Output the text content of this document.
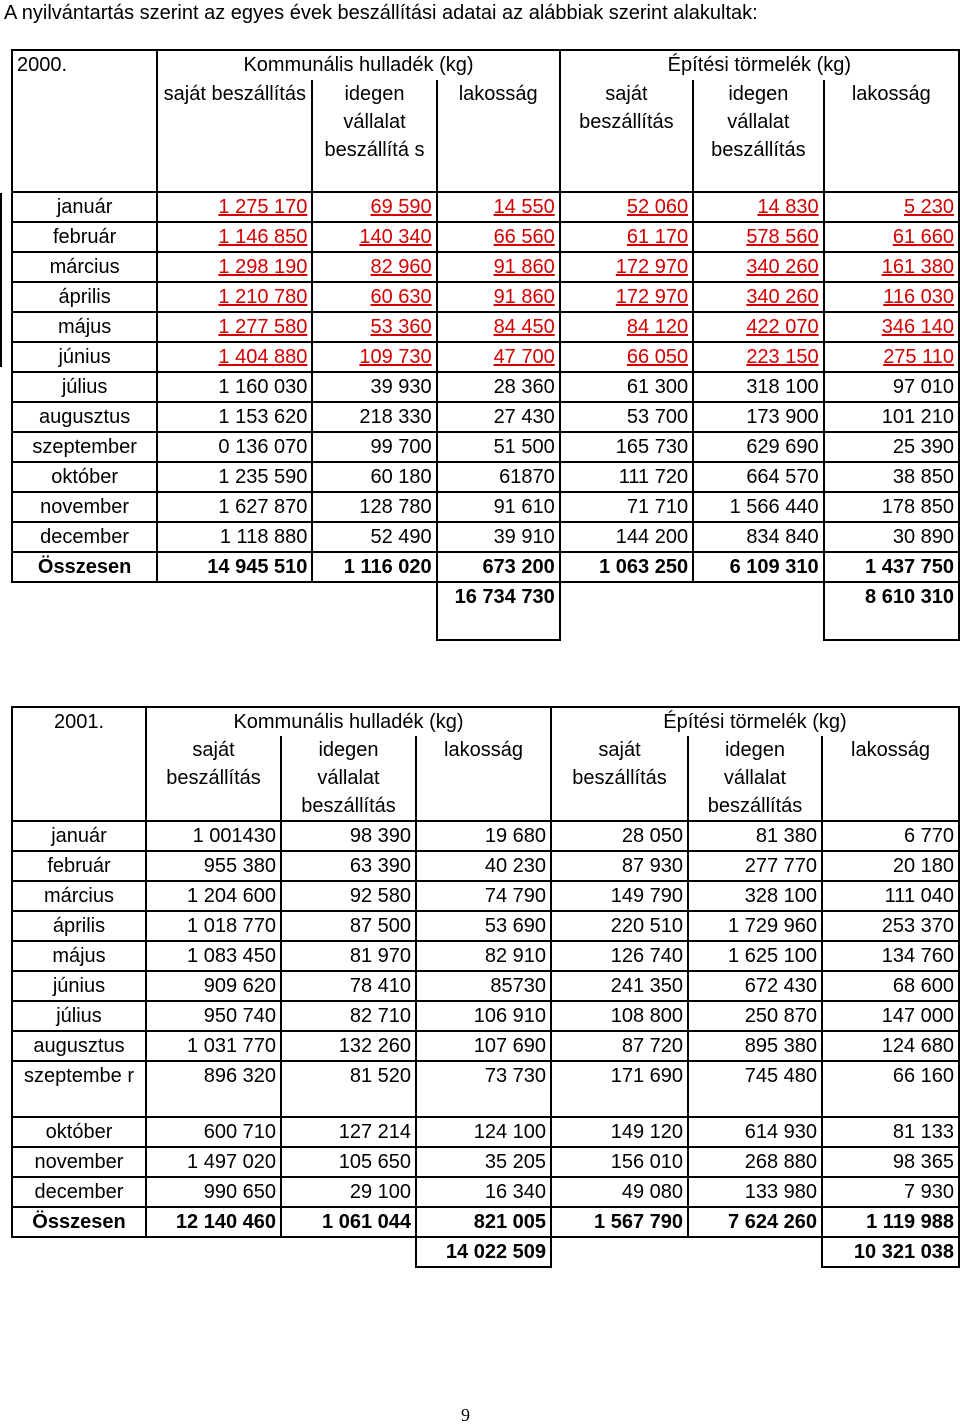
A nyilvántartás szerint az egyes évek beszállítási adatai az alábbiak szerint alakultak:
2000.	Kommunális hulladék (kg)			Építési törmelék (kg)		
	saját beszállítás	idegen vállalat beszállítá s	lakosság	saját beszállítás	idegen vállalat beszállítás	lakosság
január	1 275 170	69 590	14 550	52 060	14 830	5 230
február	1 146 850	140 340	66 560	61 170	578 560	61 660
március	1 298 190	82 960	91 860	172 970	340 260	161 380
április	1 210 780	60 630	91 860	172 970	340 260	116 030
május	1 277 580	53 360	84 450	84 120	422 070	346 140
június	1 404 880	109 730	47 700	66 050	223 150	275 110
július	1 160 030	39 930	28 360	61 300	318 100	97 010
augusztus	1 153 620	218 330	27 430	53 700	173 900	101 210
szeptember	0 136 070	99 700	51 500	165 730	629 690	25 390
október	1 235 590	60 180	61870	111 720	664 570	38 850
november	1 627 870	128 780	91 610	71 710	1 566 440	178 850
december	1 118 880	52 490	39 910	144 200	834 840	30 890
Összesen	14 945 510	1 116 020	673 200	1 063 250	6 109 310	1 437 750
			16 734 730			8 610 310
2001.	Kommunális hulladék (kg)			Építési törmelék (kg)		
	saját beszállítás	idegen vállalat beszállítás	lakosság	saját beszállítás	idegen vállalat beszállítás	lakosság
január	1 001430	98 390	19 680	28 050	81 380	6 770
február	955 380	63 390	40 230	87 930	277 770	20 180
március	1 204 600	92 580	74 790	149 790	328 100	111 040
április	1 018 770	87 500	53 690	220 510	1 729 960	253 370
május	1 083 450	81 970	82 910	126 740	1 625 100	134 760
június	909 620	78 410	85730	241 350	672 430	68 600
július	950 740	82 710	106 910	108 800	250 870	147 000
augusztus	1 031 770	132 260	107 690	87 720	895 380	124 680
szeptembe r	896 320	81 520	73 730	171 690	745 480	66 160
október	600 710	127 214	124 100	149 120	614 930	81 133
november	1 497 020	105 650	35 205	156 010	268 880	98 365
december	990 650	29 100	16 340	49 080	133 980	7 930
Összesen	12 140 460	1 061 044	821 005	1 567 790	7 624 260	1 119 988
			14 022 509			10 321 038
9
